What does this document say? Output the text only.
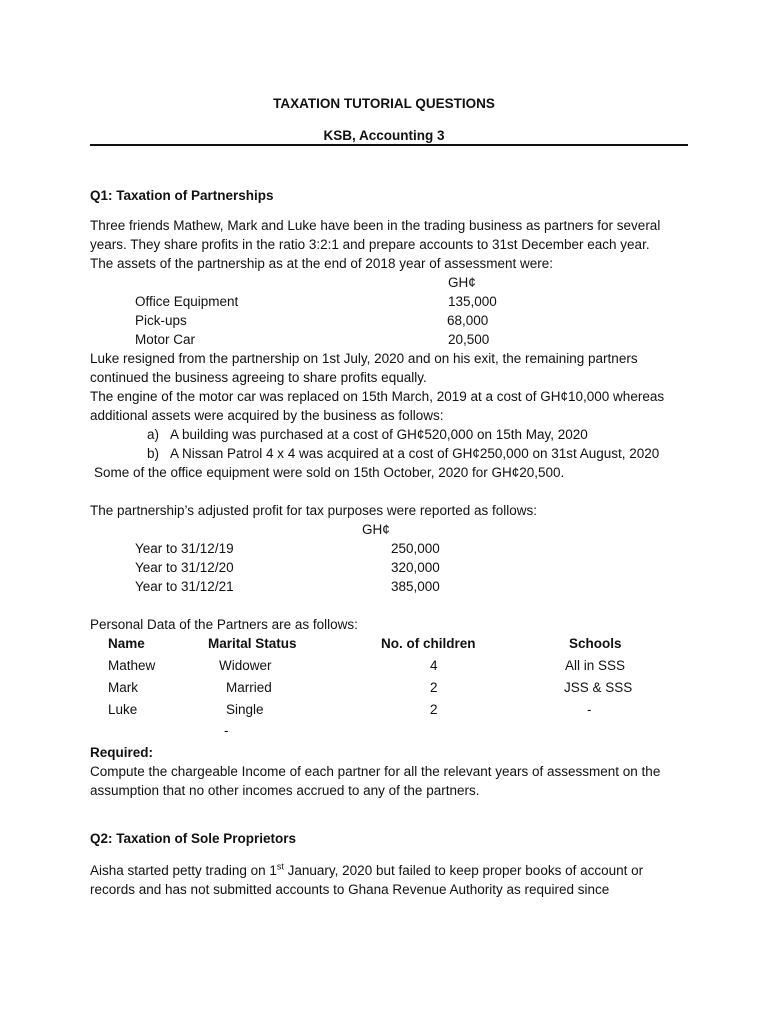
TAXATION TUTORIAL QUESTIONS
KSB, Accounting 3
Q1: Taxation of Partnerships
Three friends Mathew, Mark and Luke have been in the trading business as partners for several
years. They share profits in the ratio 3:2:1 and prepare accounts to 31st December each year.
The assets of the partnership as at the end of 2018 year of assessment were:
GH¢
Office Equipment	135,000
Pick-ups	68,000
Motor Car	20,500
Luke resigned from the partnership on 1st July, 2020 and on his exit, the remaining partners
continued the business agreeing to share profits equally.
The engine of the motor car was replaced on 15th March, 2019 at a cost of GH¢10,000 whereas
additional assets were acquired by the business as follows:
a) A building was purchased at a cost of GH¢520,000 on 15th May, 2020
b) A Nissan Patrol 4 x 4 was acquired at a cost of GH¢250,000 on 31st August, 2020
Some of the office equipment were sold on 15th October, 2020 for GH¢20,500.
The partnership’s adjusted profit for tax purposes were reported as follows:
GH¢
Year to 31/12/19	250,000
Year to 31/12/20	320,000
Year to 31/12/21	385,000
Personal Data of the Partners are as follows:
Name	Marital Status	No. of children	Schools
Mathew	Widower	4	All in SSS
Mark	Married	2	JSS & SSS
Luke	Single	2	-
-
Required:
Compute the chargeable Income of each partner for all the relevant years of assessment on the
assumption that no other incomes accrued to any of the partners.
Q2: Taxation of Sole Proprietors
Aisha started petty trading on 1st January, 2020 but failed to keep proper books of account or
records and has not submitted accounts to Ghana Revenue Authority as required since
